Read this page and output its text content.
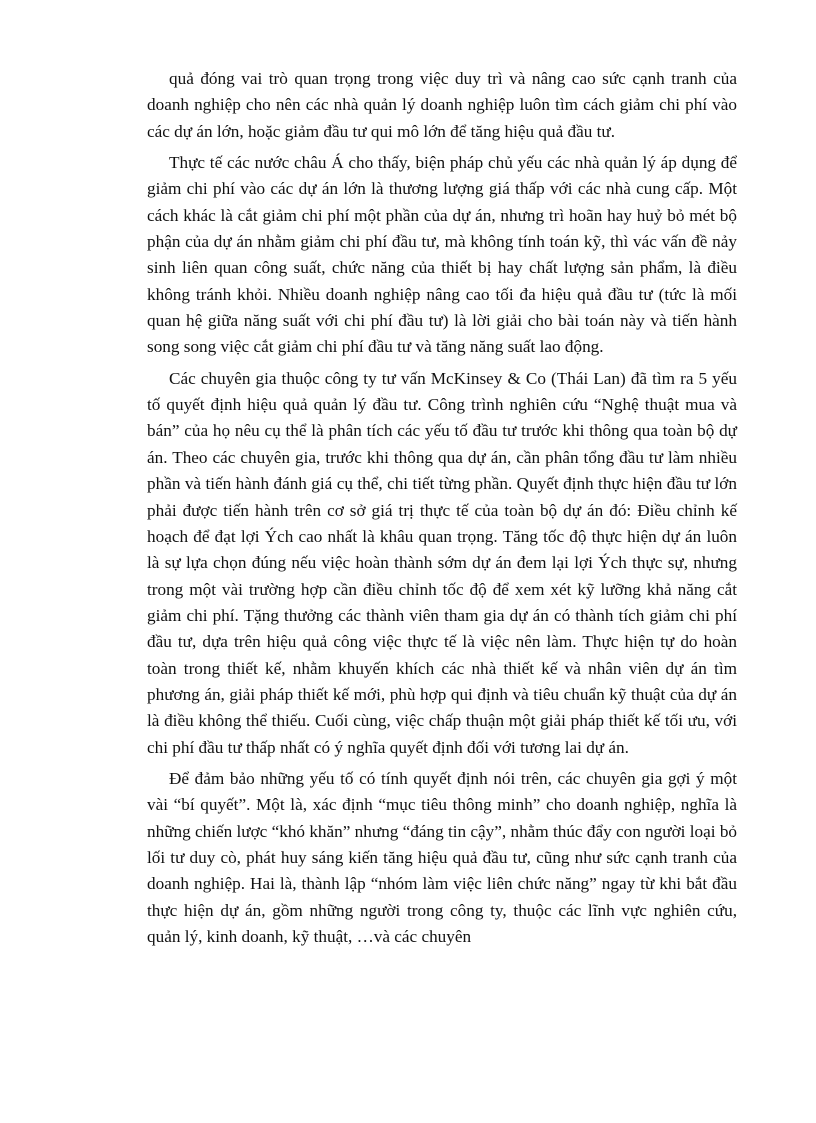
quả đóng vai trò quan trọng trong việc duy trì và nâng cao sức cạnh tranh của doanh nghiệp cho nên các nhà quản lý doanh nghiệp luôn tìm cách giảm chi phí vào các dự án lớn, hoặc giảm đầu tư qui mô lớn để tăng hiệu quả đầu tư.

Thực tế các nước châu Á cho thấy, biện pháp chủ yếu các nhà quản lý áp dụng để giảm chi phí vào các dự án lớn là thương lượng giá thấp với các nhà cung cấp. Một cách khác là cắt giảm chi phí một phần của dự án, nhưng trì hoãn hay huỷ bỏ mét bộ phận của dự án nhằm giảm chi phí đầu tư, mà không tính toán kỹ, thì vác vấn đề nảy sinh liên quan công suất, chức năng của thiết bị hay chất lượng sản phẩm, là điều không tránh khỏi. Nhiều doanh nghiệp nâng cao tối đa hiệu quả đầu tư (tức là mối quan hệ giữa năng suất với chi phí đầu tư) là lời giải cho bài toán này và tiến hành song song việc cắt giảm chi phí đầu tư và tăng năng suất lao động.

Các chuyên gia thuộc công ty tư vấn McKinsey & Co (Thái Lan) đã tìm ra 5 yếu tố quyết định hiệu quả quản lý đầu tư. Công trình nghiên cứu “Nghệ thuật mua và bán” của họ nêu cụ thể là phân tích các yếu tố đầu tư trước khi thông qua toàn bộ dự án. Theo các chuyên gia, trước khi thông qua dự án, cần phân tổng đầu tư làm nhiều phần và tiến hành đánh giá cụ thể, chi tiết từng phần. Quyết định thực hiện đầu tư lớn phải được tiến hành trên cơ sở giá trị thực tế của toàn bộ dự án đó: Điều chỉnh kế hoạch để đạt lợi Ých cao nhất là khâu quan trọng. Tăng tốc độ thực hiện dự án luôn là sự lựa chọn đúng nếu việc hoàn thành sớm dự án đem lại lợi Ých thực sự, nhưng trong một vài trường hợp cần điều chỉnh tốc độ để xem xét kỹ lưỡng khả năng cắt giảm chi phí. Tặng thưởng các thành viên tham gia dự án có thành tích giảm chi phí đầu tư, dựa trên hiệu quả công việc thực tế là việc nên làm. Thực hiện tự do hoàn toàn trong thiết kế, nhằm khuyến khích các nhà thiết kế và nhân viên dự án tìm phương án, giải pháp thiết kế mới, phù hợp qui định và tiêu chuẩn kỹ thuật của dự án là điều không thể thiếu. Cuối cùng, việc chấp thuận một giải pháp thiết kế tối ưu, với chi phí đầu tư thấp nhất có ý nghĩa quyết định đối với tương lai dự án.

Để đảm bảo những yếu tố có tính quyết định nói trên, các chuyên gia gợi ý một vài “bí quyết”. Một là, xác định “mục tiêu thông minh” cho doanh nghiệp, nghĩa là những chiến lược “khó khăn” nhưng “đáng tin cậy”, nhằm thúc đẩy con người loại bỏ lối tư duy cò, phát huy sáng kiến tăng hiệu quả đầu tư, cũng như sức cạnh tranh của doanh nghiệp. Hai là, thành lập “nhóm làm việc liên chức năng” ngay từ khi bắt đầu thực hiện dự án, gồm những người trong công ty, thuộc các lĩnh vực nghiên cứu, quản lý, kinh doanh, kỹ thuật, …và các chuyên
